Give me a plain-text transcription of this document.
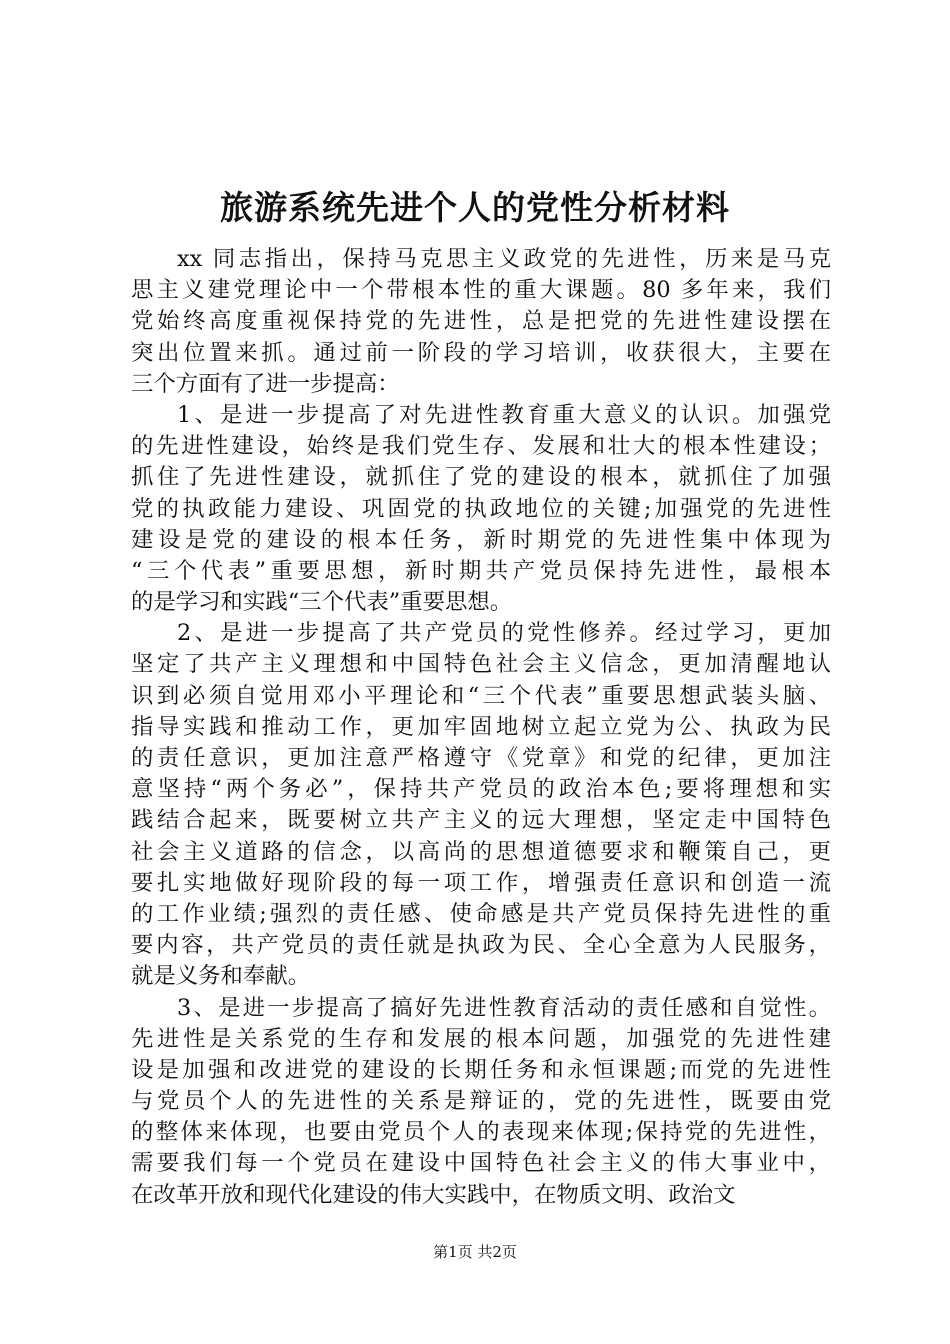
旅游系统先进个人的党性分析材料
xx 同志指出，保持马克思主义政党的先进性，历来是马克
思主义建党理论中一个带根本性的重大课题。80 多年来，我们
党始终高度重视保持党的先进性，总是把党的先进性建设摆在
突出位置来抓。通过前一阶段的学习培训，收获很大，主要在
三个方面有了进一步提高：
1、是进一步提高了对先进性教育重大意义的认识。加强党
的先进性建设，始终是我们党生存、发展和壮大的根本性建设；
抓住了先进性建设，就抓住了党的建设的根本，就抓住了加强
党的执政能力建设、巩固党的执政地位的关键;加强党的先进性
建设是党的建设的根本任务，新时期党的先进性集中体现为
“三个代表”重要思想，新时期共产党员保持先进性，最根本
的是学习和实践“三个代表”重要思想。
2、是进一步提高了共产党员的党性修养。经过学习，更加
坚定了共产主义理想和中国特色社会主义信念，更加清醒地认
识到必须自觉用邓小平理论和“三个代表”重要思想武装头脑、
指导实践和推动工作，更加牢固地树立起立党为公、执政为民
的责任意识，更加注意严格遵守《党章》和党的纪律，更加注
意坚持“两个务必”，保持共产党员的政治本色;要将理想和实
践结合起来，既要树立共产主义的远大理想，坚定走中国特色
社会主义道路的信念，以高尚的思想道德要求和鞭策自己，更
要扎实地做好现阶段的每一项工作，增强责任意识和创造一流
的工作业绩;强烈的责任感、使命感是共产党员保持先进性的重
要内容，共产党员的责任就是执政为民、全心全意为人民服务，
就是义务和奉献。
3、是进一步提高了搞好先进性教育活动的责任感和自觉性。
先进性是关系党的生存和发展的根本问题，加强党的先进性建
设是加强和改进党的建设的长期任务和永恒课题;而党的先进性
与党员个人的先进性的关系是辩证的，党的先进性，既要由党
的整体来体现，也要由党员个人的表现来体现;保持党的先进性，
需要我们每一个党员在建设中国特色社会主义的伟大事业中，
在改革开放和现代化建设的伟大实践中，在物质文明、政治文
第1页 共2页
